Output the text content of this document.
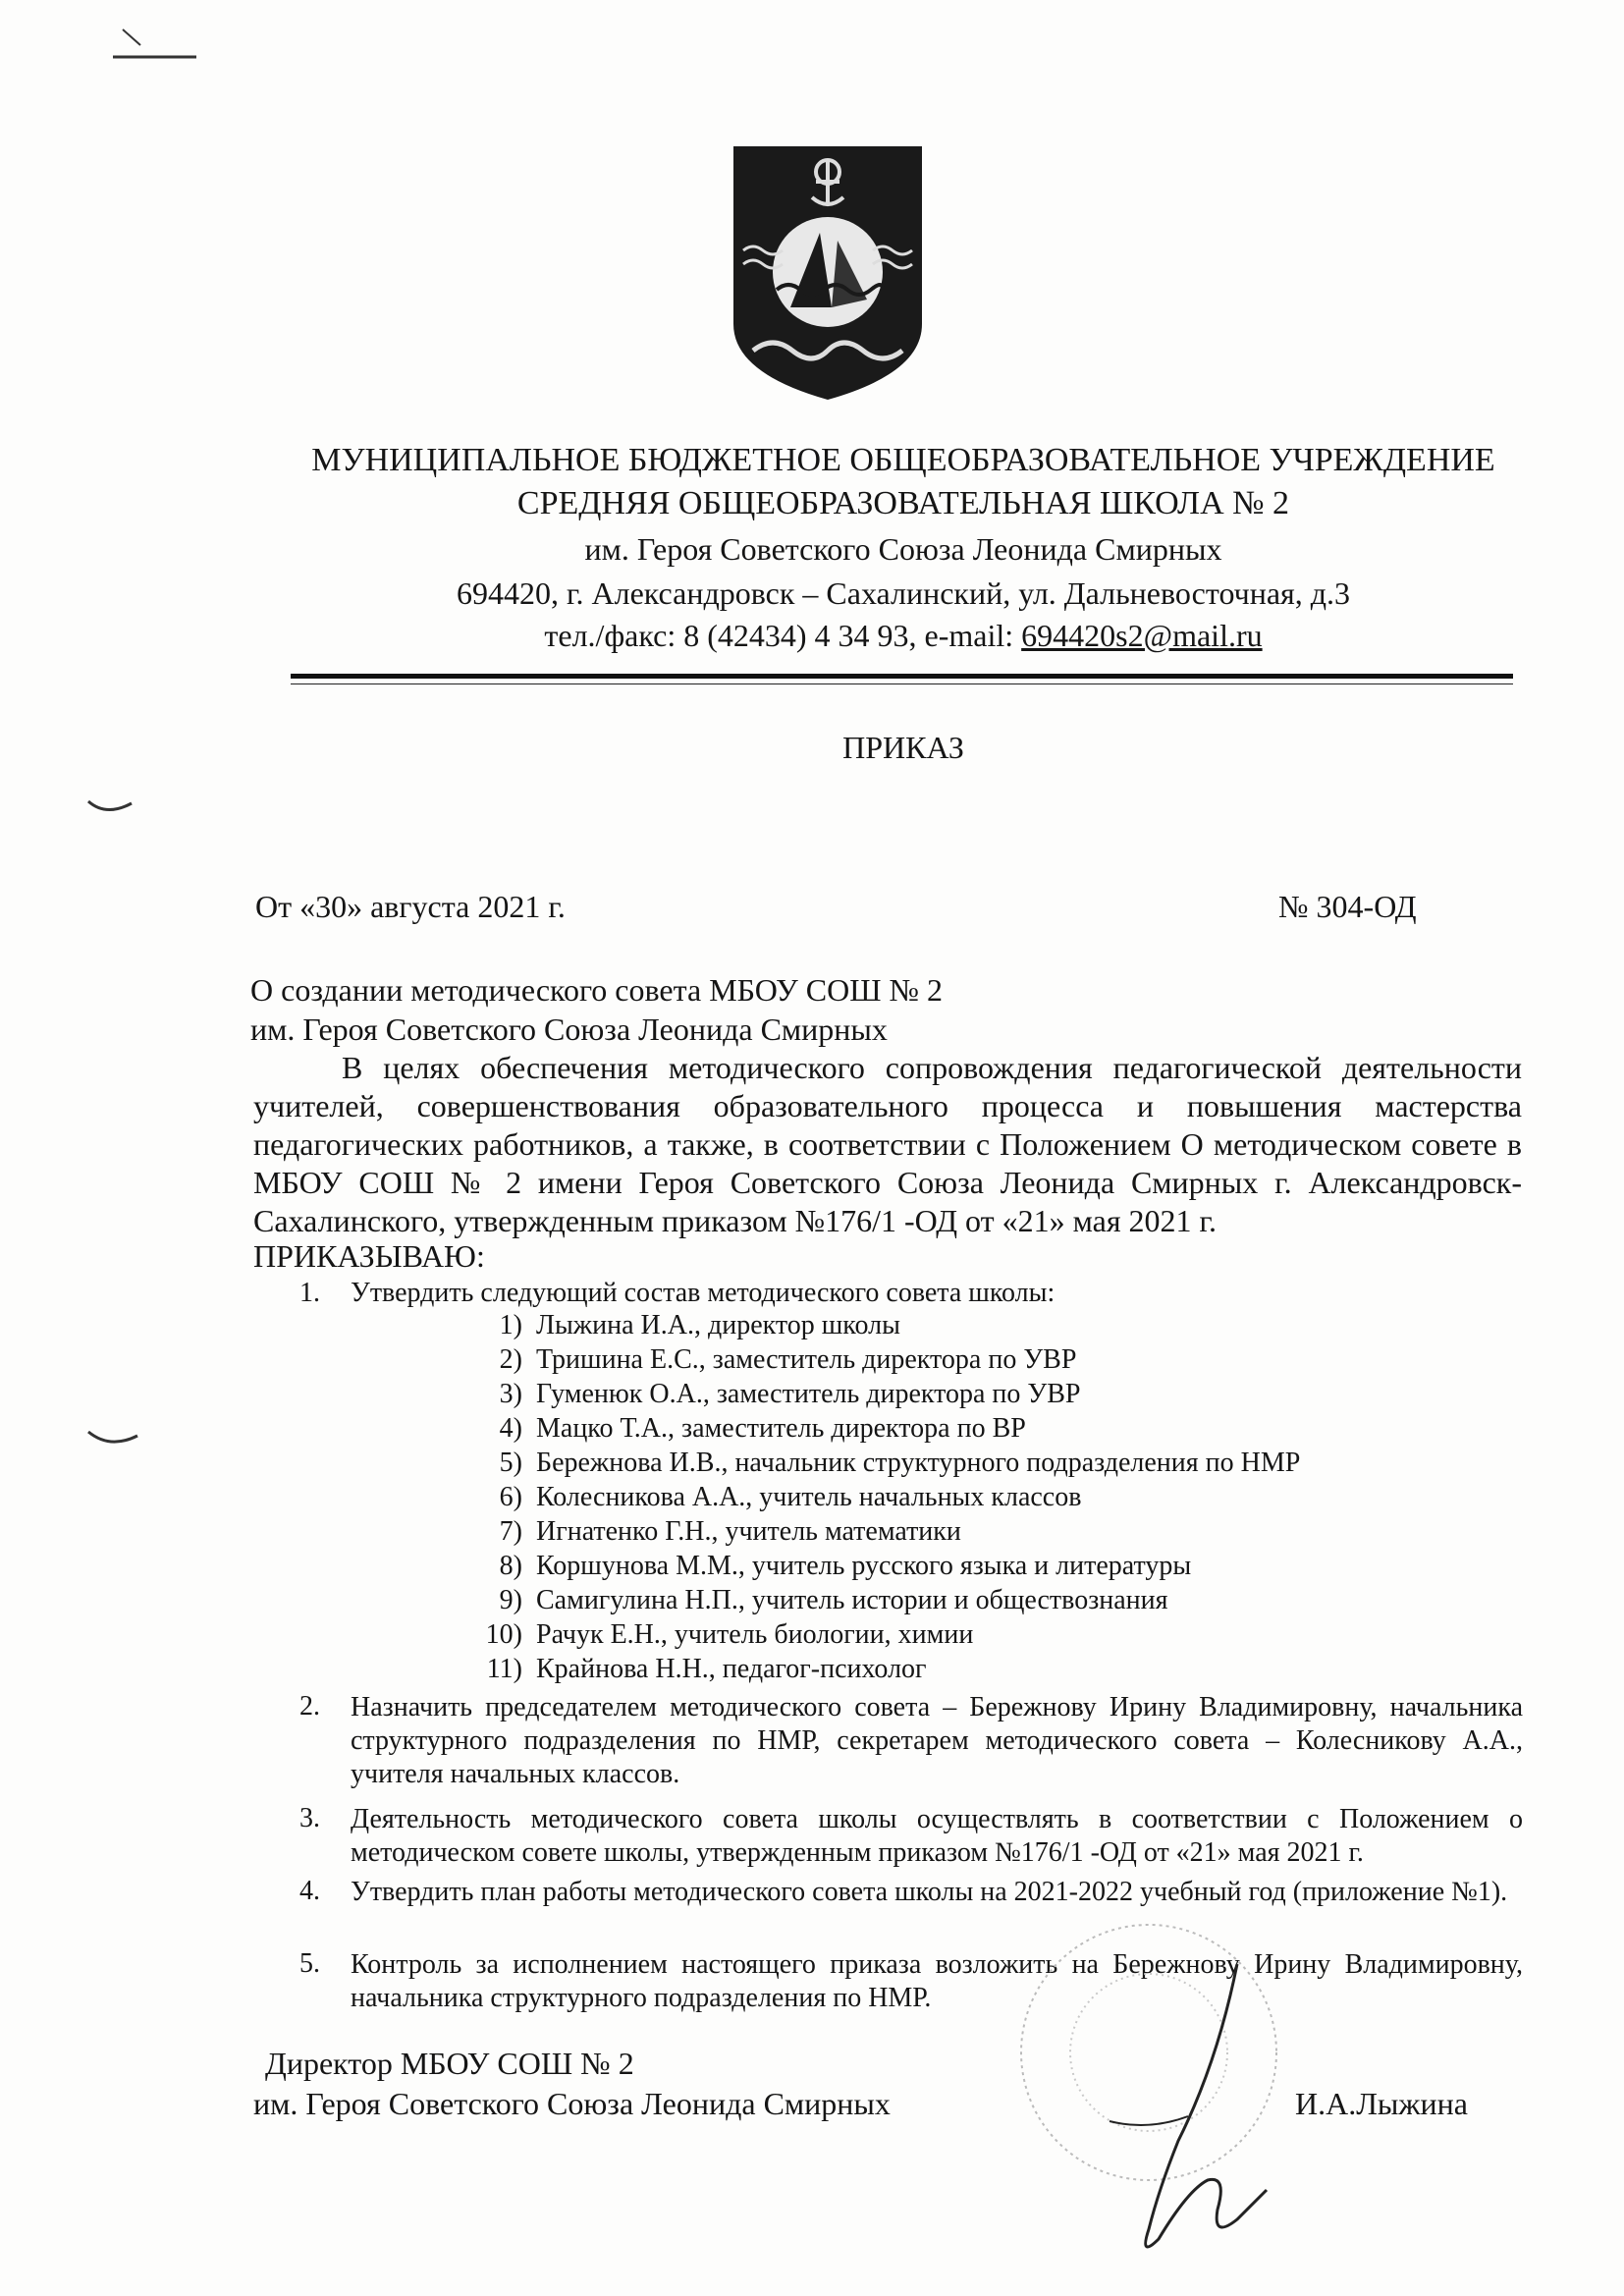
МУНИЦИПАЛЬНОЕ БЮДЖЕТНОЕ ОБЩЕОБРАЗОВАТЕЛЬНОЕ УЧРЕЖДЕНИЕ
СРЕДНЯЯ ОБЩЕОБРАЗОВАТЕЛЬНАЯ ШКОЛА № 2
им. Героя Советского Союза Леонида Смирных
694420, г. Александровск – Сахалинский, ул. Дальневосточная, д.3
тел./факс: 8 (42434) 4 34 93, e-mail: 694420s2@mail.ru
ПРИКАЗ
От «30» августа 2021 г.	№ 304-ОД
О создании методического совета МБОУ СОШ № 2
им. Героя Советского Союза Леонида Смирных

В целях обеспечения методического сопровождения педагогической деятельности учителей, совершенствования образовательного процесса и повышения мастерства педагогических работников, а также, в соответствии с Положением О методическом совете в МБОУ СОШ № 2 имени Героя Советского Союза Леонида Смирных г. Александровск-Сахалинского, утвержденным приказом №176/1 -ОД от «21» мая 2021 г.

ПРИКАЗЫВАЮ:
1. Утвердить следующий состав методического совета школы:
1) Лыжина И.А., директор школы
2) Тришина Е.С., заместитель директора по УВР
3) Гуменюк О.А., заместитель директора по УВР
4) Мацко Т.А., заместитель директора по ВР
5) Бережнова И.В., начальник структурного подразделения по НМР
6) Колесникова А.А., учитель начальных классов
7) Игнатенко Г.Н., учитель математики
8) Коршунова М.М., учитель русского языка и литературы
9) Самигулина Н.П., учитель истории и обществознания
10) Рачук Е.Н., учитель биологии, химии
11) Крайнова Н.Н., педагог-психолог
2. Назначить председателем методического совета – Бережнову Ирину Владимировну, начальника структурного подразделения по НМР, секретарем методического совета – Колесникову А.А., учителя начальных классов.

3. Деятельность методического совета школы осуществлять в соответствии с Положением о методическом совете школы, утвержденным приказом №176/1 -ОД от «21» мая 2021 г.

4. Утвердить план работы методического совета школы на 2021-2022 учебный год (приложение №1).

5. Контроль за исполнением настоящего приказа возложить на Бережнову Ирину Владимировну, начальника структурного подразделения по НМР.

Директор МБОУ СОШ № 2
им. Героя Советского Союза Леонида Смирных	И.А.Лыжина
